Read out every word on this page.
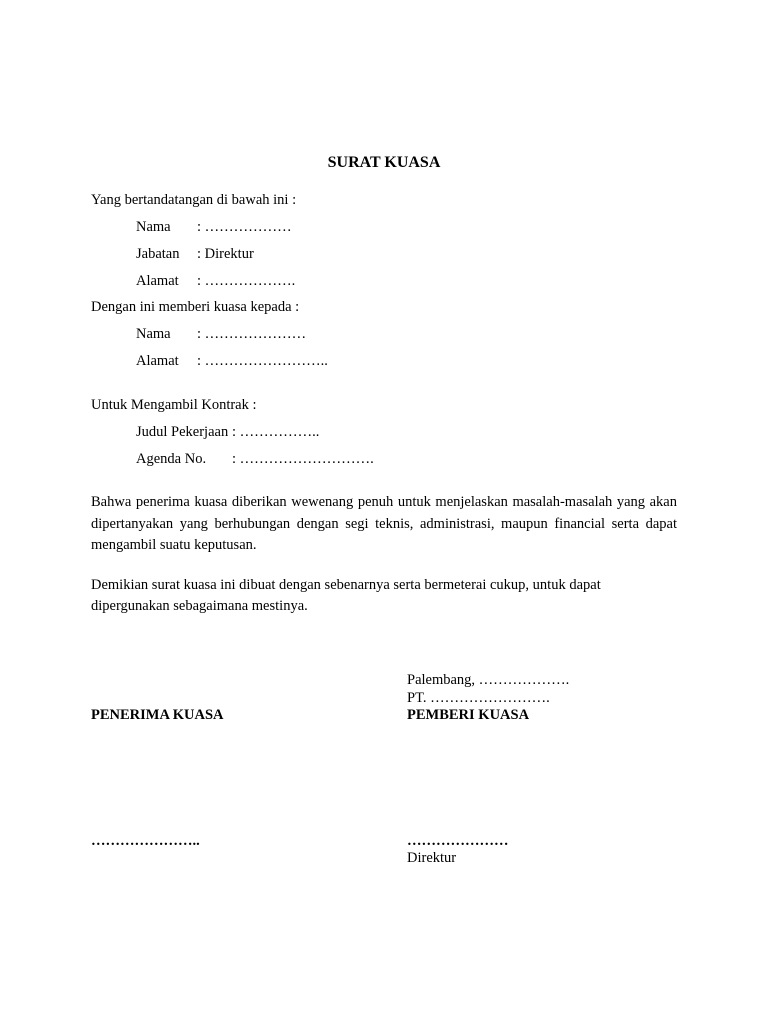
SURAT KUASA
Yang bertandatangan di bawah ini :
Nama : ………………
Jabatan : Direktur
Alamat : ……………….
Dengan ini memberi kuasa kepada :
Nama : …………………
Alamat : ……………………..
Untuk Mengambil Kontrak :
Judul Pekerjaan : ……………..
Agenda No. : ……………………….
Bahwa penerima kuasa diberikan wewenang penuh untuk menjelaskan masalah-masalah yang akan dipertanyakan yang berhubungan dengan segi teknis, administrasi, maupun financial serta dapat mengambil suatu keputusan.
Demikian surat kuasa ini dibuat dengan sebenarnya serta bermeterai cukup, untuk dapat
dipergunakan sebagaimana mestinya.
Palembang, ……………….
PT. …………………….
PENERIMA KUASA	PEMBERI KUASA
…………………..	…………………
Direktur
